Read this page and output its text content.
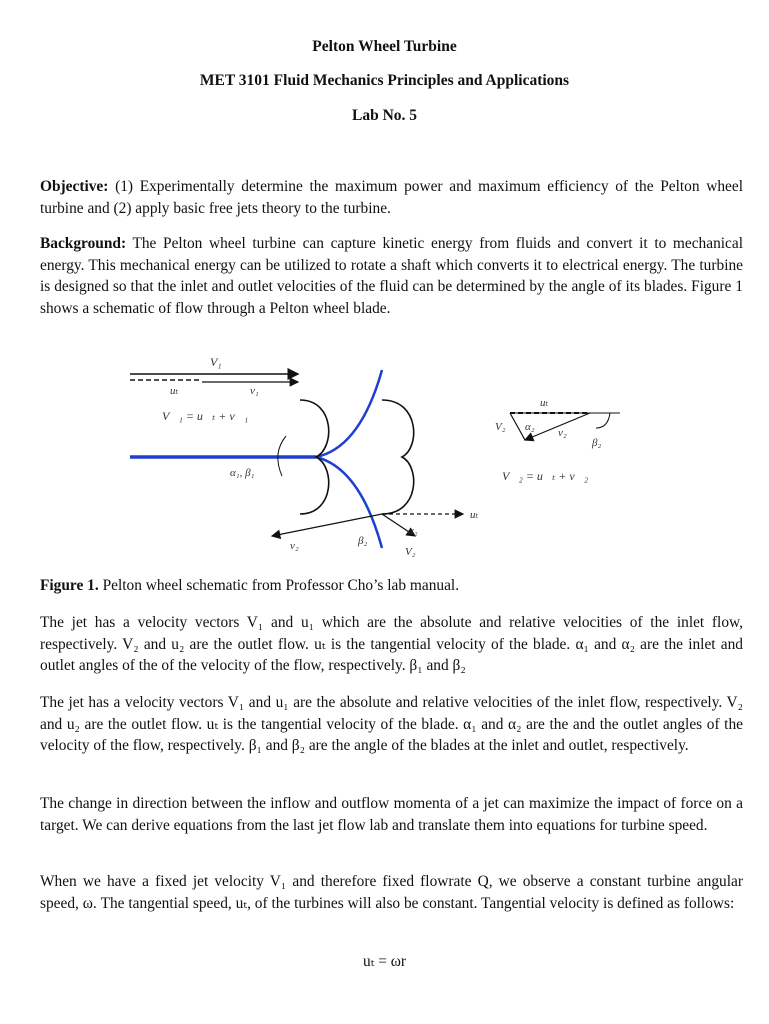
Pelton Wheel Turbine
MET 3101 Fluid Mechanics Principles and Applications
Lab No. 5

Objective: (1) Experimentally determine the maximum power and maximum efficiency of the Pelton wheel turbine and (2) apply basic free jets theory to the turbine.

Background: The Pelton wheel turbine can capture kinetic energy from fluids and convert it to mechanical energy. This mechanical energy can be utilized to rotate a shaft which converts it to electrical energy. The turbine is designed so that the inlet and outlet velocities of the fluid can be determined by the angle of its blades. Figure 1 shows a schematic of flow through a Pelton wheel blade.

V₁
uₜ	v₁
V⃗₁ = u⃗ₜ + v⃗₁
α₁, β₁
v₂	V₂
β₂
α₂
uₜ
uₜ
V₂ α₂ v₂
β₂
V⃗₂ = u⃗ₜ + v⃗₂

Figure 1. Pelton wheel schematic from Professor Cho’s lab manual.

The jet has a velocity vectors V₁ and u₁ which are the absolute and relative velocities of the inlet flow, respectively. V₂ and u₂ are the outlet flow. uₜ is the tangential velocity of the blade. α₁ and α₂ are the inlet and outlet angles of the of the velocity of the flow, respectively. β₁ and β₂

The jet has a velocity vectors V₁ and u₁ are the absolute and relative velocities of the inlet flow, respectively. V₂ and u₂ are the outlet flow. uₜ is the tangential velocity of the blade. α₁ and α₂ are the and the outlet angles of the velocity of the flow, respectively. β₁ and β₂ are the angle of the blades at the inlet and outlet, respectively.

The change in direction between the inflow and outflow momenta of a jet can maximize the impact of force on a target. We can derive equations from the last jet flow lab and translate them into equations for turbine speed.

When we have a fixed jet velocity V₁ and therefore fixed flowrate Q, we observe a constant turbine angular speed, ω. The tangential speed, uₜ, of the turbines will also be constant. Tangential velocity is defined as follows:

uₜ = ωr
